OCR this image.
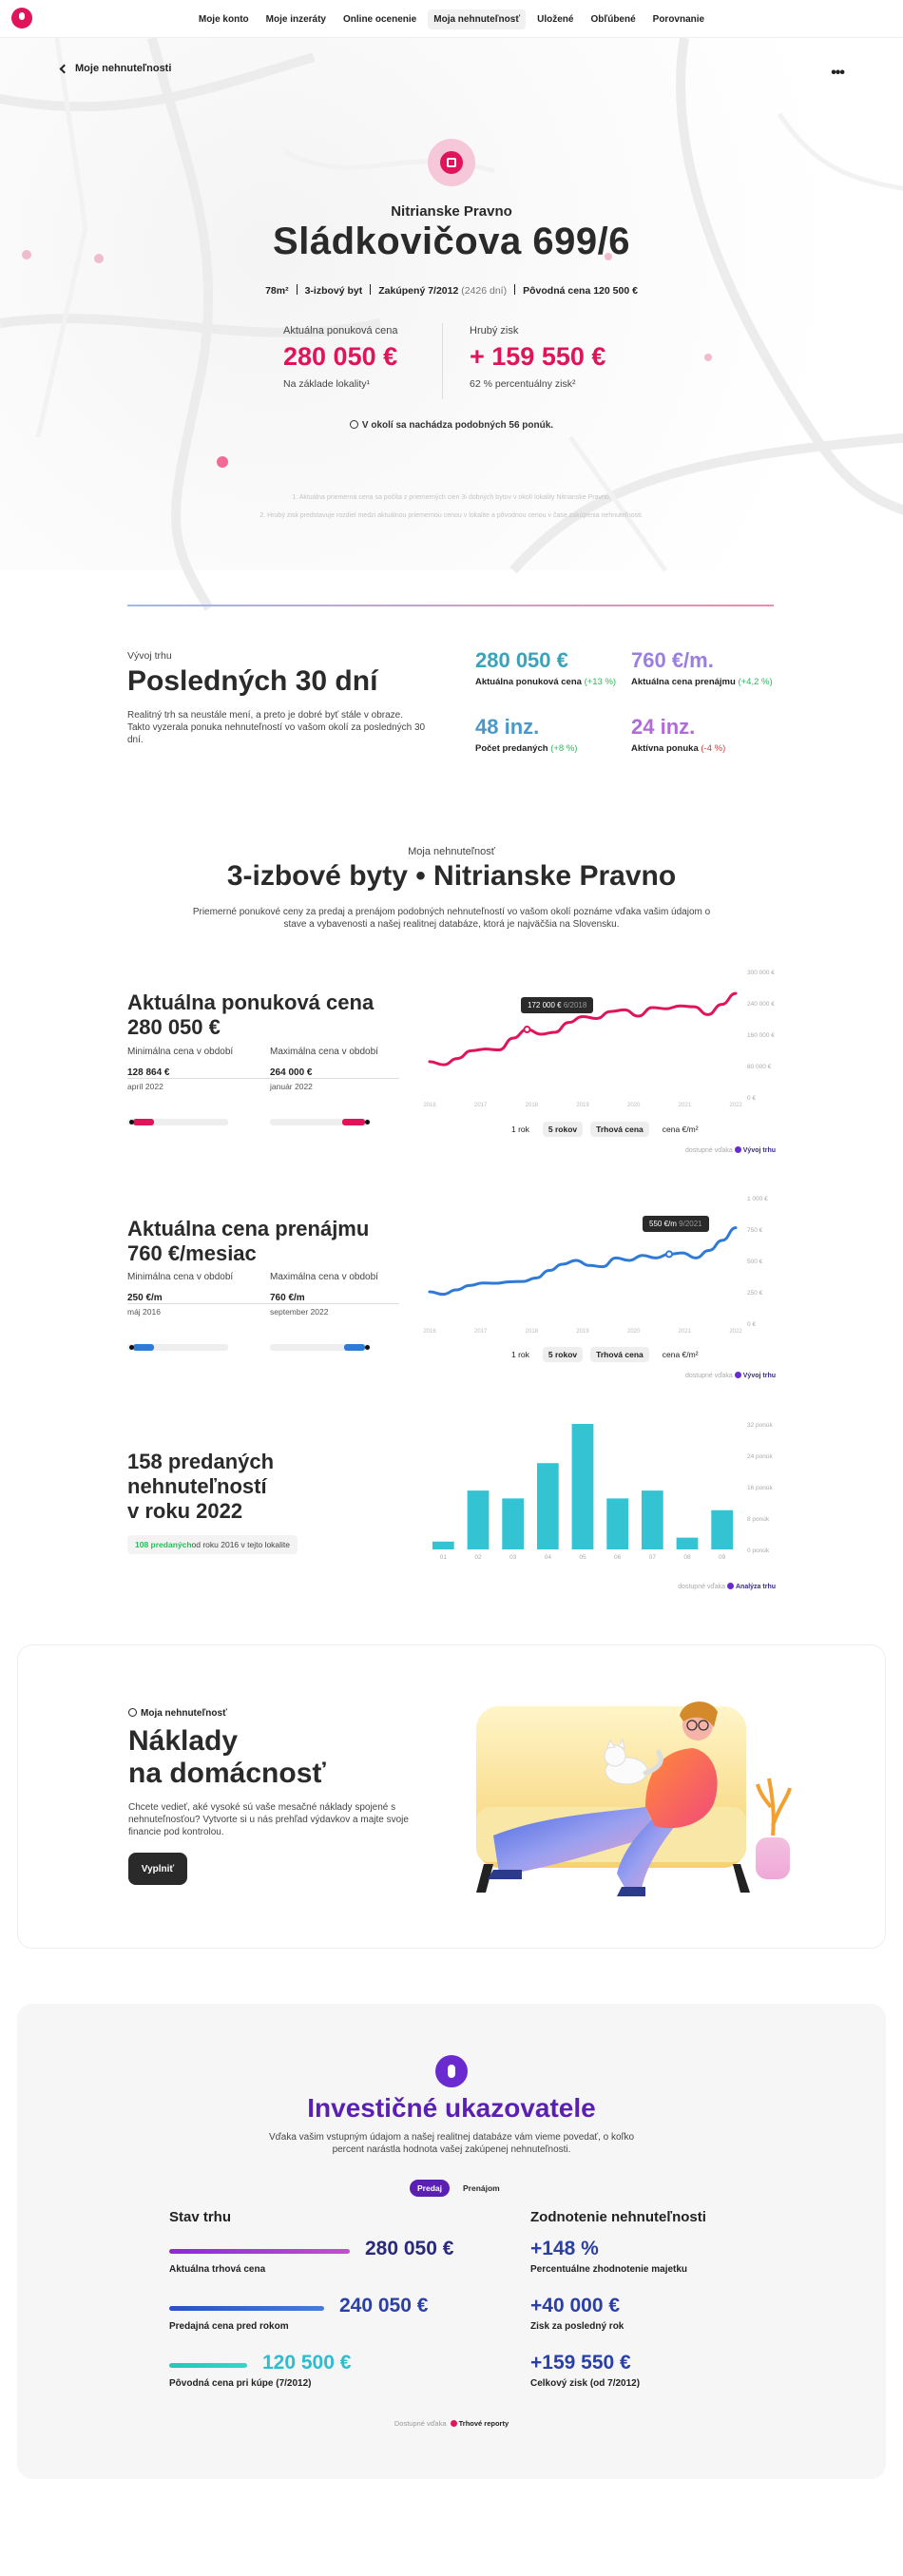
Moje konto	Moje inzeráty	Online ocenenie	Moja nehnuteľnosť	Uložené	Obľúbené	Porovnanie
Moje nehnuteľnosti	•••
Nitrianske Pravno
Sládkovičova 699/6
78m² 3-izbový byt Zakúpený 7/2012 (2426 dní) Pôvodná cena 120 500 €
Aktuálna ponuková cena
280 050 €
Na základe lokality¹
Hrubý zisk
+ 159 550 €
62 % percentuálny zisk²
V okolí sa nachádza podobných 56 ponúk.
1. Aktuálna priemerná cena sa počíta z priemerných cien 3i dobných bytov v okolí lokality Nitrianske Pravno.
2. Hrubý zisk predstavuje rozdiel medzi aktuálnou priemernou cenou v lokalite a pôvodnou cenou v čase zakúpenia nehnuteľnosti.
Vývoj trhu
Posledných 30 dní
Realitný trh sa neustále mení, a preto je dobré byť stále v obraze. Takto vyzerala ponuka nehnuteľností vo vašom okolí za posledných 30 dní.
280 050 €
Aktuálna ponuková cena (+13 %)
760 €/m.
Aktuálna cena prenájmu (+4,2 %)
48 inz.
Počet predaných (+8 %)
24 inz.
Aktívna ponuka (-4 %)
Moja nehnuteľnosť
3-izbové byty • Nitrianske Pravno
Priemerné ponukové ceny za predaj a prenájom podobných nehnuteľností vo vašom okolí poznáme vďaka vašim údajom o stave a vybavenosti a našej realitnej databáze, ktorá je najväčšia na Slovensku.
Aktuálna ponuková cena
280 050 €
Minimálna cena v období
128 864 €
apríl 2022
Maximálna cena v období
264 000 €
január 2022
300 000 €
240 000 €
160 000 €
80 000 €
0 €
2016	2017	2018	2019	2020	2021	2022
172 000 € 6/2018
1 rok	5 rokov	Trhová cena	cena €/m²
dostupné vďaka Vývoj trhu
Aktuálna cena prenájmu
760 €/mesiac
Minimálna cena v období
250 €/m
máj 2016
Maximálna cena v období
760 €/m
september 2022
1 000 €
750 €
500 €
250 €
0 €
2016	2017	2018	2019	2020	2021	2022
550 €/m 9/2021
1 rok	5 rokov	Trhová cena	cena €/m²
dostupné vďaka Vývoj trhu
158 predaných
nehnuteľností
v roku 2022
108 predanýchod roku 2016 v tejto lokalite
32 ponúk
24 ponúk
16 ponúk
8 ponúk
0 ponúk
01	02	03	04	05	06	07	08	09
dostupné vďaka Analýza trhu
Moja nehnuteľnosť
Náklady
na domácnosť
Chcete vedieť, aké vysoké sú vaše mesačné náklady spojené s nehnuteľnosťou? Vytvorte si u nás prehľad výdavkov a majte svoje financie pod kontrolou.
Vyplniť
Investičné ukazovatele
Vďaka vašim vstupným údajom a našej realitnej databáze vám vieme povedať, o koľko percent narástla hodnota vašej zakúpenej nehnuteľnosti.
Predaj	Prenájom
Stav trhu	Zodnotenie nehnuteľnosti
280 050 €
Aktuálna trhová cena
240 050 €
Predajná cena pred rokom
120 500 €
Pôvodná cena pri kúpe (7/2012)
+148 %
Percentuálne zhodnotenie majetku
+40 000 €
Zisk za posledný rok
+159 550 €
Celkový zisk (od 7/2012)
Dostupné vďaka Trhové reporty
